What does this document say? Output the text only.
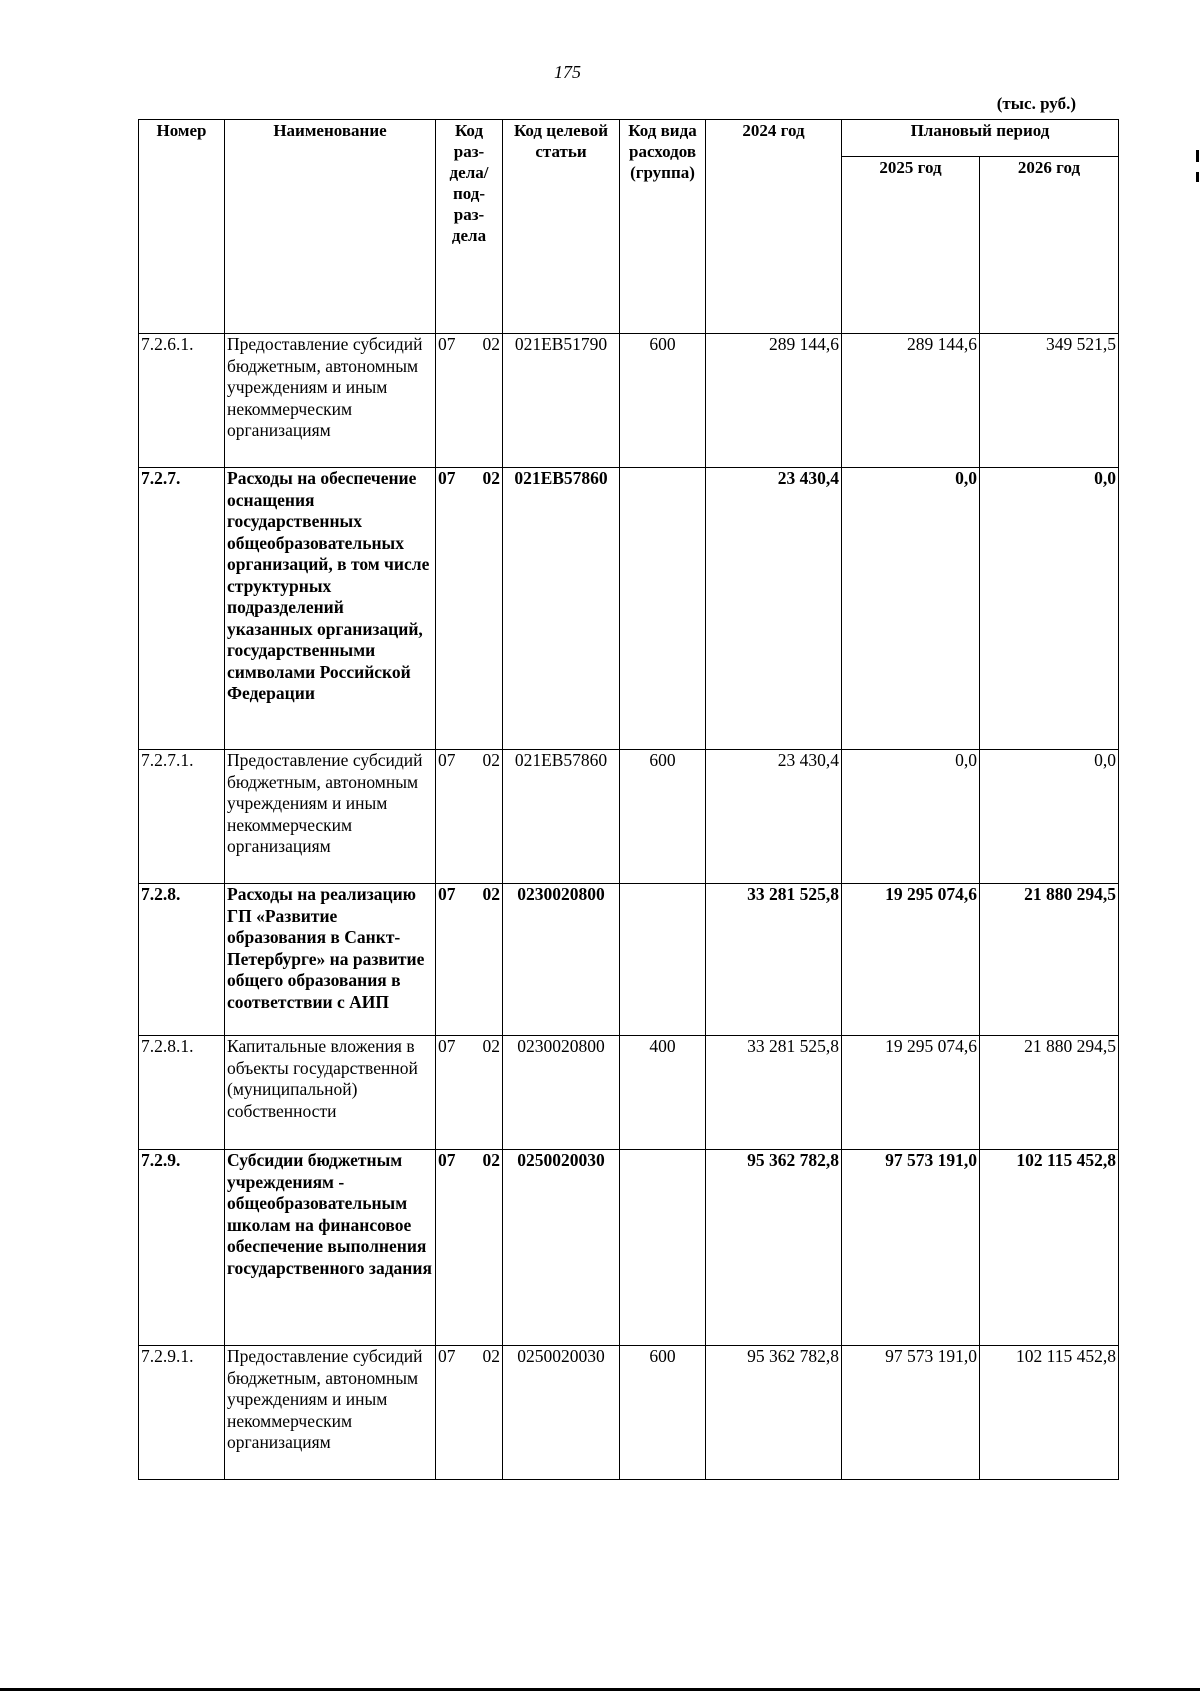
175
(тыс. руб.)
Номер	Наименование	Код раз- дела/ под- раз- дела	Код целевой статьи	Код вида расходов (группа)	2024 год	Плановый период	
						2025 год	2026 год
7.2.6.1.	Предоставление субсидий бюджетным, автономным учреждениям и иным некоммерческим организациям	07 02	021EB51790	600	289 144,6	289 144,6	349 521,5
7.2.7.	Расходы на обеспечение оснащения государственных общеобразовательных организаций, в том числе структурных подразделений указанных организаций, государственными символами Российской Федерации	07 02	021EB57860		23 430,4	0,0	0,0
7.2.7.1.	Предоставление субсидий бюджетным, автономным учреждениям и иным некоммерческим организациям	07 02	021EB57860	600	23 430,4	0,0	0,0
7.2.8.	Расходы на реализацию ГП «Развитие образования в Санкт-Петербурге» на развитие общего образования в соответствии с АИП	07 02	0230020800		33 281 525,8	19 295 074,6	21 880 294,5
7.2.8.1.	Капитальные вложения в объекты государственной (муниципальной) собственности	07 02	0230020800	400	33 281 525,8	19 295 074,6	21 880 294,5
7.2.9.	Субсидии бюджетным учреждениям - общеобразовательным школам на финансовое обеспечение выполнения государственного задания	07 02	0250020030		95 362 782,8	97 573 191,0	102 115 452,8
7.2.9.1.	Предоставление субсидий бюджетным, автономным учреждениям и иным некоммерческим организациям	07 02	0250020030	600	95 362 782,8	97 573 191,0	102 115 452,8
